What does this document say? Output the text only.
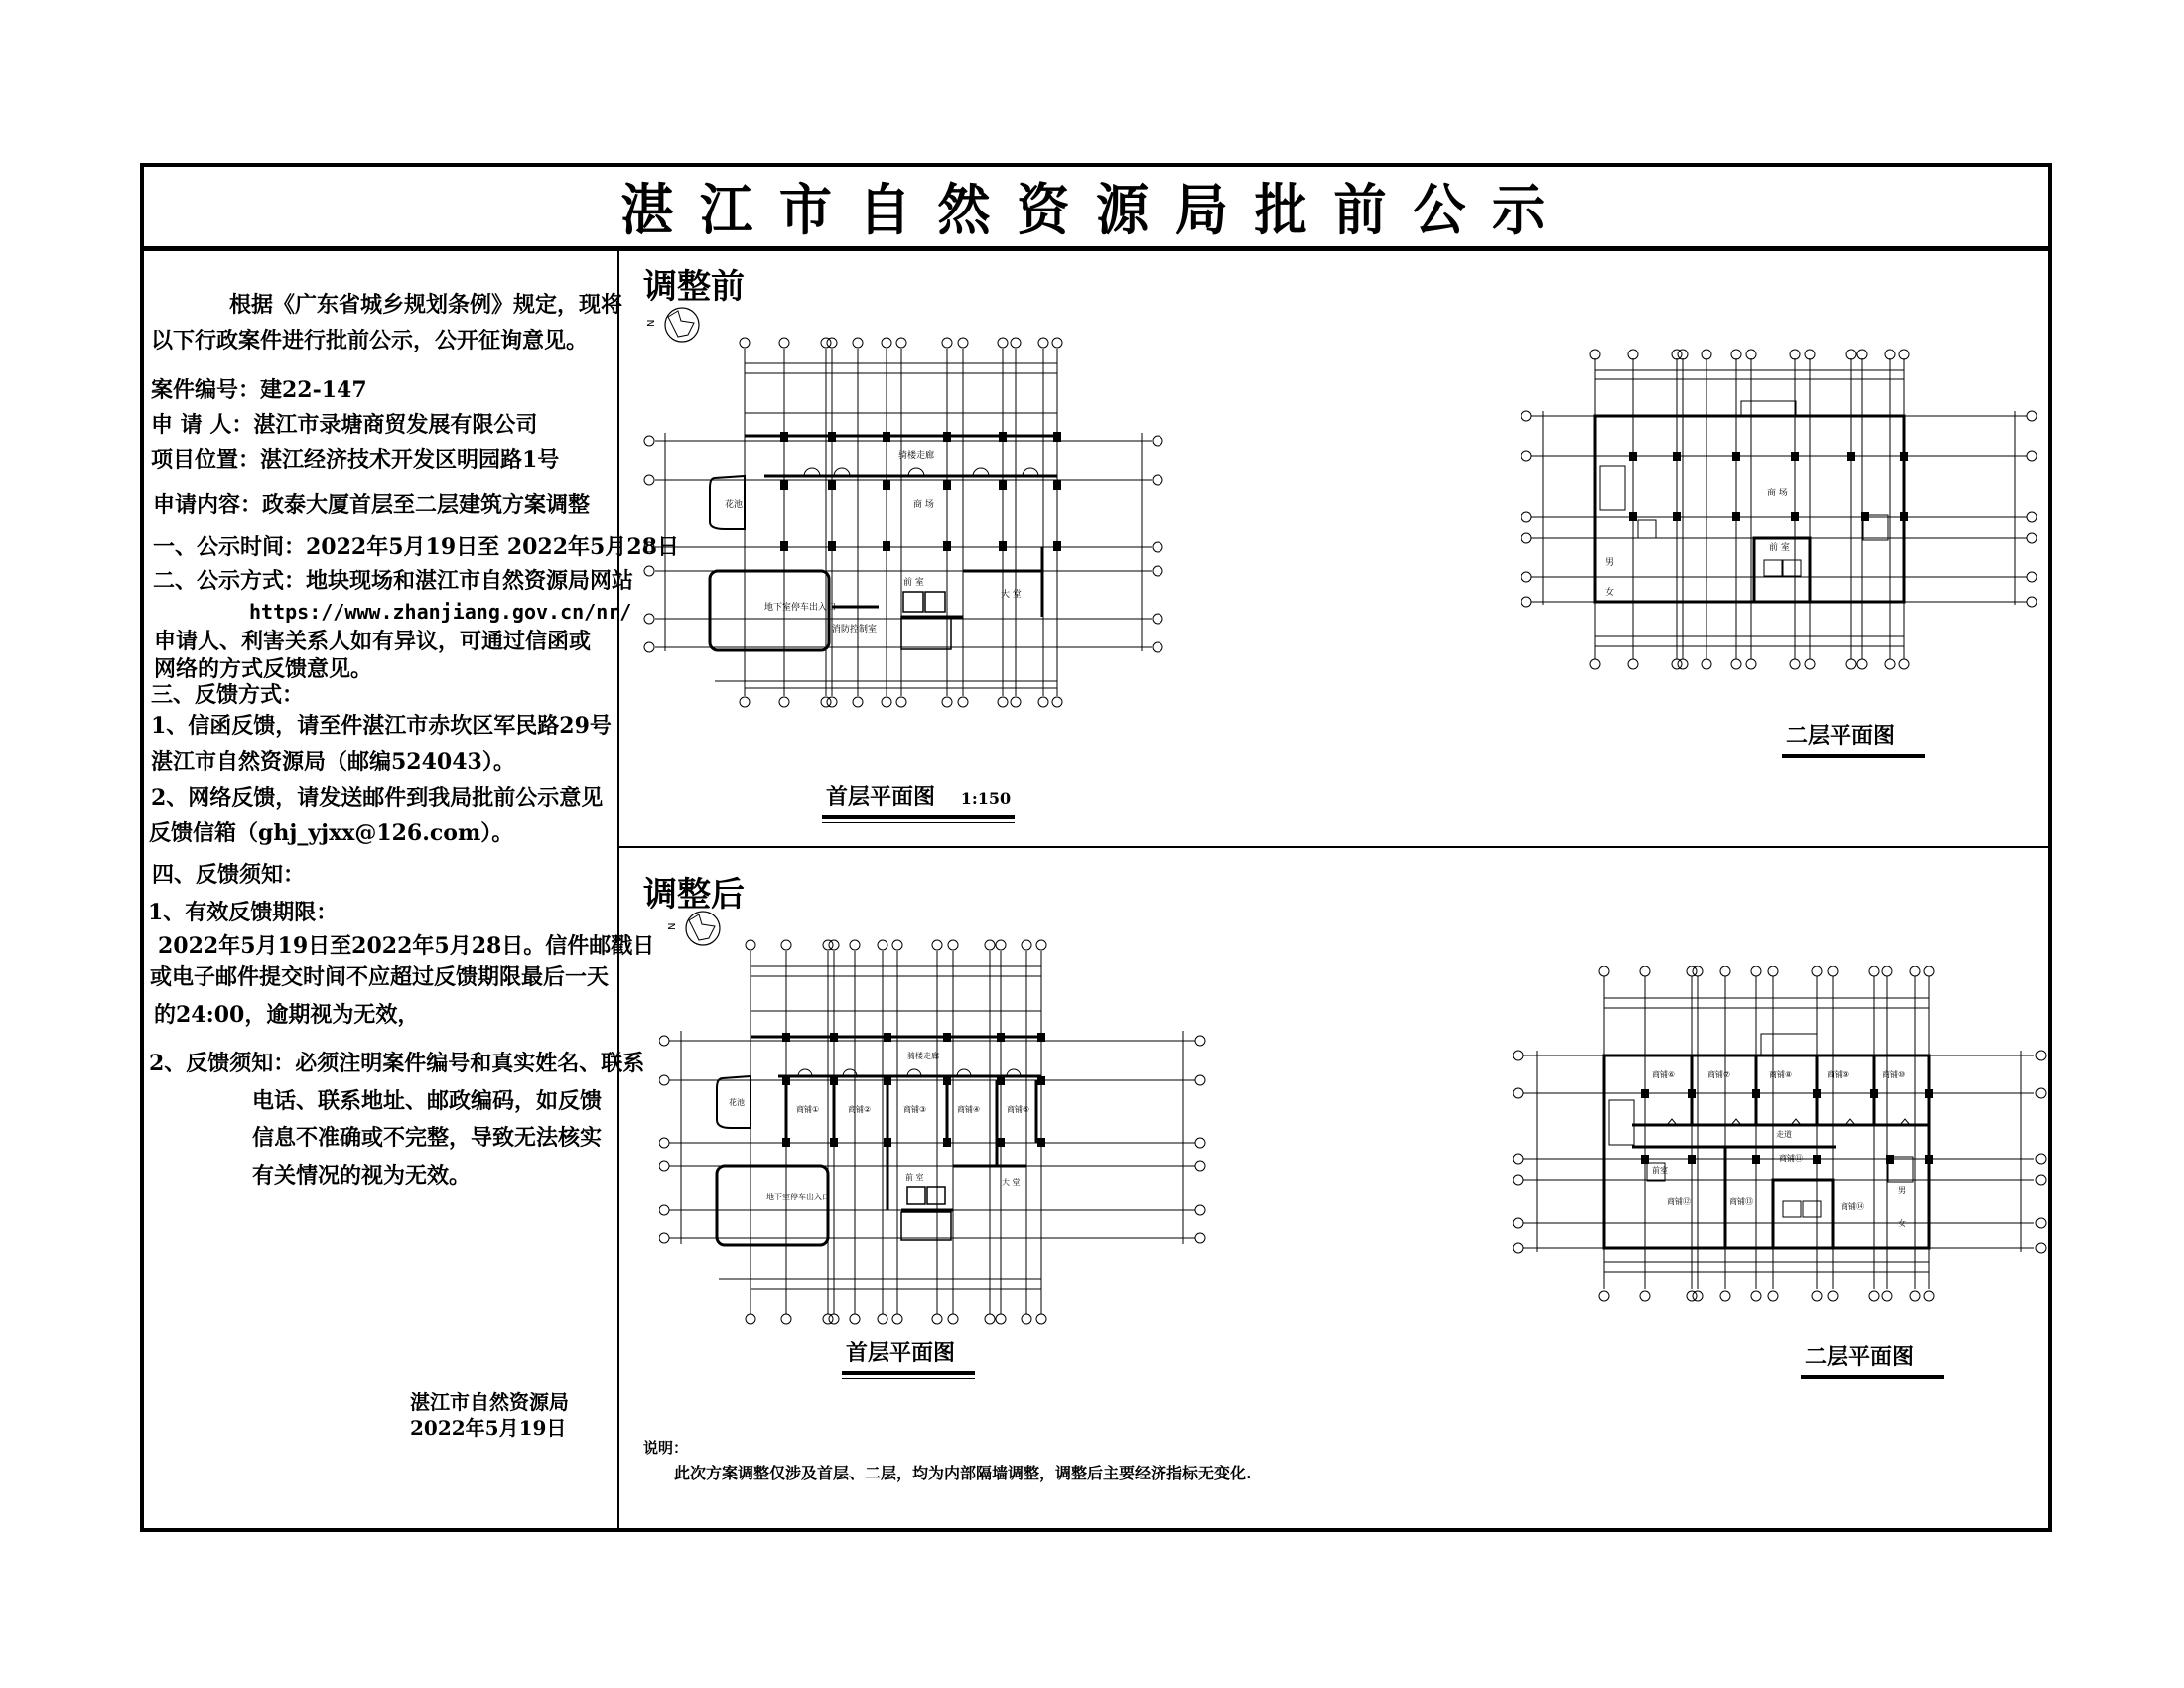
湛江市自然资源局批前公示
根据《广东省城乡规划条例》规定，现将
以下行政案件进行批前公示，公开征询意见。
案件编号：建22-147
申 请 人：湛江市录塘商贸发展有限公司
项目位置：湛江经济技术开发区明园路1号
申请内容：政泰大厦首层至二层建筑方案调整
一、公示时间：2022年5月19日至 2022年5月28日
二、公示方式：地块现场和湛江市自然资源局网站
https://www.zhanjiang.gov.cn/nr/
申请人、利害关系人如有异议，可通过信函或
网络的方式反馈意见。
三、反馈方式：
1、信函反馈，请至件湛江市赤坎区军民路29号
湛江市自然资源局（邮编524043）。
2、网络反馈，请发送邮件到我局批前公示意见
反馈信箱（ghj_yjxx@126.com）。
四、反馈须知：
1、有效反馈期限：
2022年5月19日至2022年5月28日。信件邮戳日
或电子邮件提交时间不应超过反馈期限最后一天
的24:00，逾期视为无效，
2、反馈须知：必须注明案件编号和真实姓名、联系
电话、联系地址、邮政编码，如反馈
信息不准确或不完整，导致无法核实
有关情况的视为无效。
湛江市自然资源局
2022年5月19日
调整前
N
商 场
大 堂
前 室
花池
地下室停车出入口
消防控制室
骑楼走廊
首层平面图 1:150
商 场
前 室
男
女
二层平面图
调整后
N
商铺①	商铺②	商铺③	商铺④	商铺⑤
大 堂
前 室
骑楼走廊
花池
地下室停车出入口
首层平面图
商铺⑥	商铺⑦	商铺⑧	商铺⑨	商铺⑩
走道
商铺⑪
商铺⑫	商铺⑬
商铺⑭
前室
男
女
二层平面图
说明：
此次方案调整仅涉及首层、二层，均为内部隔墙调整，调整后主要经济指标无变化.
